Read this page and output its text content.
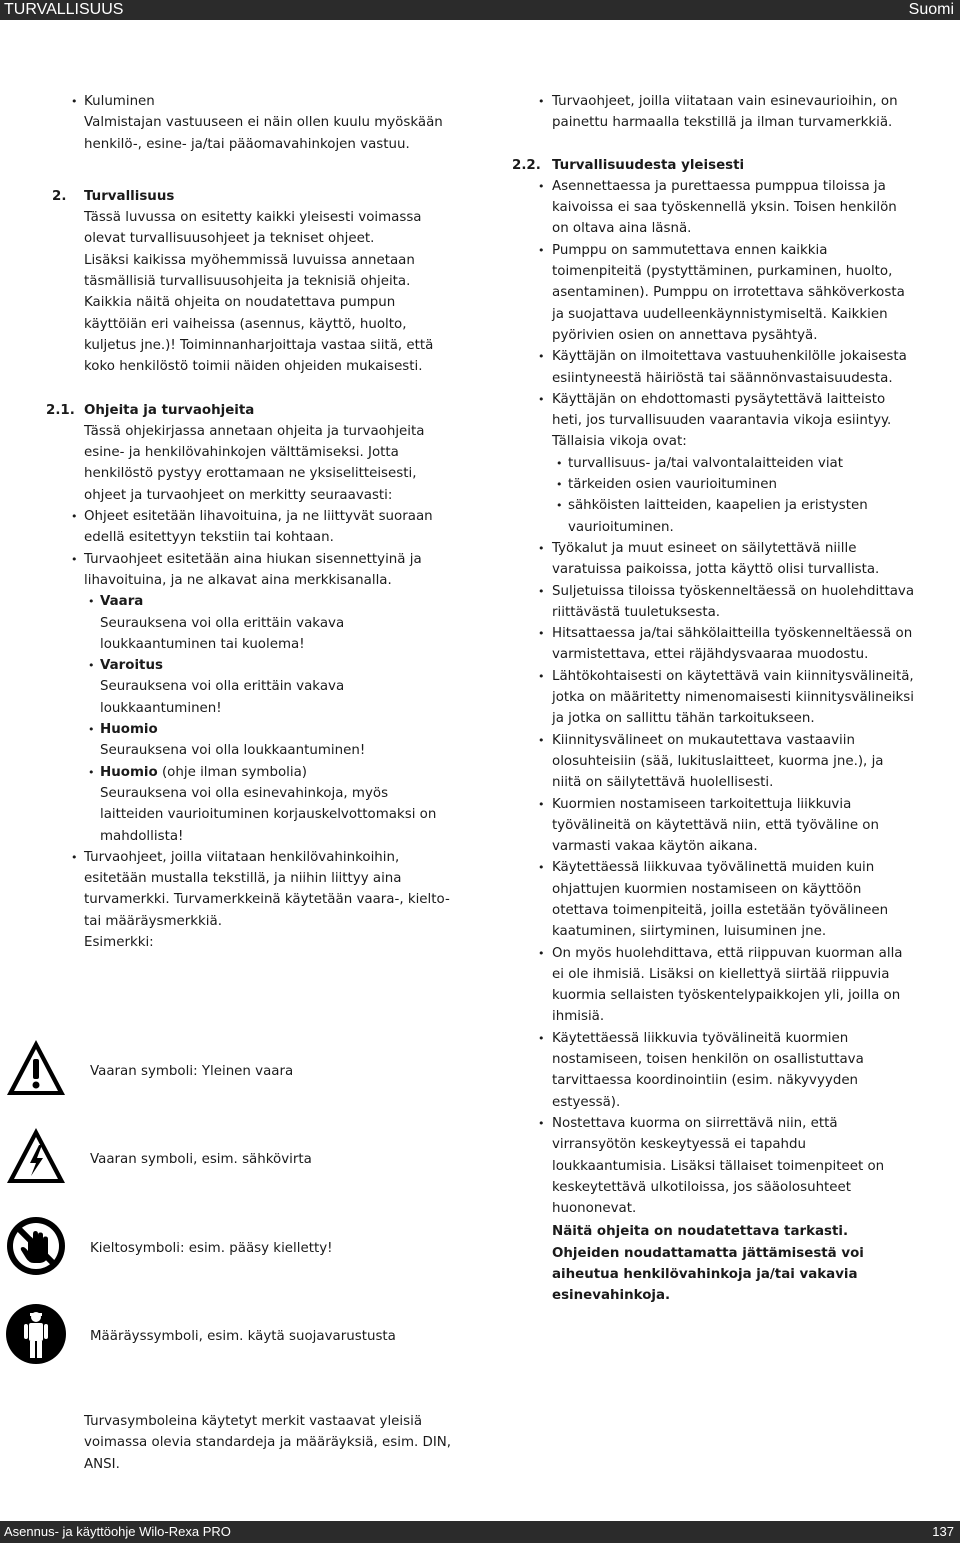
TURVALLISUUS	Suomi

• Kuluminen

Valmistajan vastuuseen ei näin ollen kuulu myöskään henkilö-, esine- ja/tai pääomavahinkojen vastuu.

2. Turvallisuus

Tässä luvussa on esitetty kaikki yleisesti voimassa olevat turvallisuusohjeet ja tekniset ohjeet.

Lisäksi kaikissa myöhemmissä luvuissa annetaan täsmällisiä turvallisuusohjeita ja teknisiä ohjeita.

Kaikkia näitä ohjeita on noudatettava pumpun käyttöiän eri vaiheissa (asennus, käyttö, huolto, kuljetus jne.)! Toiminnanharjoittaja vastaa siitä, että koko henkilöstö toimii näiden ohjeiden mukaisesti.

2.1. Ohjeita ja turvaohjeita

Tässä ohjekirjassa annetaan ohjeita ja turvaohjeita esine- ja henkilövahinkojen välttämiseksi. Jotta henkilöstö pystyy erottamaan ne yksiselitteisesti, ohjeet ja turvaohjeet on merkitty seuraavasti:

• Ohjeet esitetään lihavoituina, ja ne liittyvät suoraan edellä esitettyyn tekstiin tai kohtaan.

• Turvaohjeet esitetään aina hiukan sisennettyinä ja lihavoituina, ja ne alkavat aina merkkisanalla.

• Vaara

Seurauksena voi olla erittäin vakava loukkaantuminen tai kuolema!

• Varoitus

Seurauksena voi olla erittäin vakava loukkaantuminen!

• Huomio

Seurauksena voi olla loukkaantuminen!

• Huomio (ohje ilman symbolia)

Seurauksena voi olla esinevahinkoja, myös laitteiden vaurioituminen korjauskelvottomaksi on mahdollista!

• Turvaohjeet, joilla viitataan henkilövahinkoihin, esitetään mustalla tekstillä, ja niihin liittyy aina turvamerkki. Turvamerkkeinä käytetään vaara-, kielto- tai määräysmerkkiä.

Esimerkki:

Vaaran symboli: Yleinen vaara
Vaaran symboli, esim. sähkövirta
Kieltosymboli: esim. pääsy kielletty!
Määräyssymboli, esim. käytä suojavarustusta
Turvasymboleina käytetyt merkit vastaavat yleisiä voimassa olevia standardeja ja määräyksiä, esim. DIN, ANSI.
• Turvaohjeet, joilla viitataan vain esinevaurioihin, on painettu harmaalla tekstillä ja ilman turvamerkkiä.
2.2. Turvallisuudesta yleisesti

• Asennettaessa ja purettaessa pumppua tiloissa ja kaivoissa ei saa työskennellä yksin. Toisen henkilön on oltava aina läsnä.
• Pumppu on sammutettava ennen kaikkia toimenpiteitä (pystyttäminen, purkaminen, huolto, asentaminen). Pumppu on irrotettava sähköverkosta ja suojattava uudelleenkäynnistymiseltä. Kaikkien pyörivien osien on annettava pysähtyä.
• Käyttäjän on ilmoitettava vastuuhenkilölle jokaisesta esiintyneestä häiriöstä tai säännönvastaisuudesta.

• Käyttäjän on ehdottomasti pysäytettävä laitteisto heti, jos turvallisuuden vaarantavia vikoja esiintyy. Tällaisia vikoja ovat:

• turvallisuus- ja/tai valvontalaitteiden viat
• tärkeiden osien vaurioituminen
• sähköisten laitteiden, kaapelien ja eristysten vaurioituminen.
• Työkalut ja muut esineet on säilytettävä niille varatuissa paikoissa, jotta käyttö olisi turvallista.
• Suljetuissa tiloissa työskenneltäessä on huolehdittava riittävästä tuuletuksesta.
• Hitsattaessa ja/tai sähkölaitteilla työskenneltäessä on varmistettava, ettei räjähdysvaaraa muodostu.
• Lähtökohtaisesti on käytettävä vain kiinnitysvälineitä, jotka on määritetty nimenomaisesti kiinnitysvälineiksi ja jotka on sallittu tähän tarkoitukseen.
• Kiinnitysvälineet on mukautettava vastaaviin olosuhteisiin (sää, lukituslaitteet, kuorma jne.), ja niitä on säilytettävä huolellisesti.
• Kuormien nostamiseen tarkoitettuja liikkuvia työvälineitä on käytettävä niin, että työväline on varmasti vakaa käytön aikana.
• Käytettäessä liikkuvaa työvälinettä muiden kuin ohjattujen kuormien nostamiseen on käyttöön otettava toimenpiteitä, joilla estetään työvälineen kaatuminen, siirtyminen, luisuminen jne.
• On myös huolehdittava, että riippuvan kuorman alla ei ole ihmisiä. Lisäksi on kiellettyä siirtää riippuvia kuormia sellaisten työskentelypaikkojen yli, joilla on ihmisiä.
• Käytettäessä liikkuvia työvälineitä kuormien nostamiseen, toisen henkilön on osallistuttava tarvittaessa koordinointiin (esim. näkyvyyden estyessä).
• Nostettava kuorma on siirrettävä niin, että virransyötön keskeytyessä ei tapahdu loukkaantumisia. Lisäksi tällaiset toimenpiteet on keskeytettävä ulkotiloissa, jos sääolosuhteet huononevat.

Näitä ohjeita on noudatettava tarkasti. Ohjeiden noudattamatta jättämisestä voi aiheutua henkilövahinkoja ja/tai vakavia esinevahinkoja.

Asennus- ja käyttöohje Wilo-Rexa PRO	137
